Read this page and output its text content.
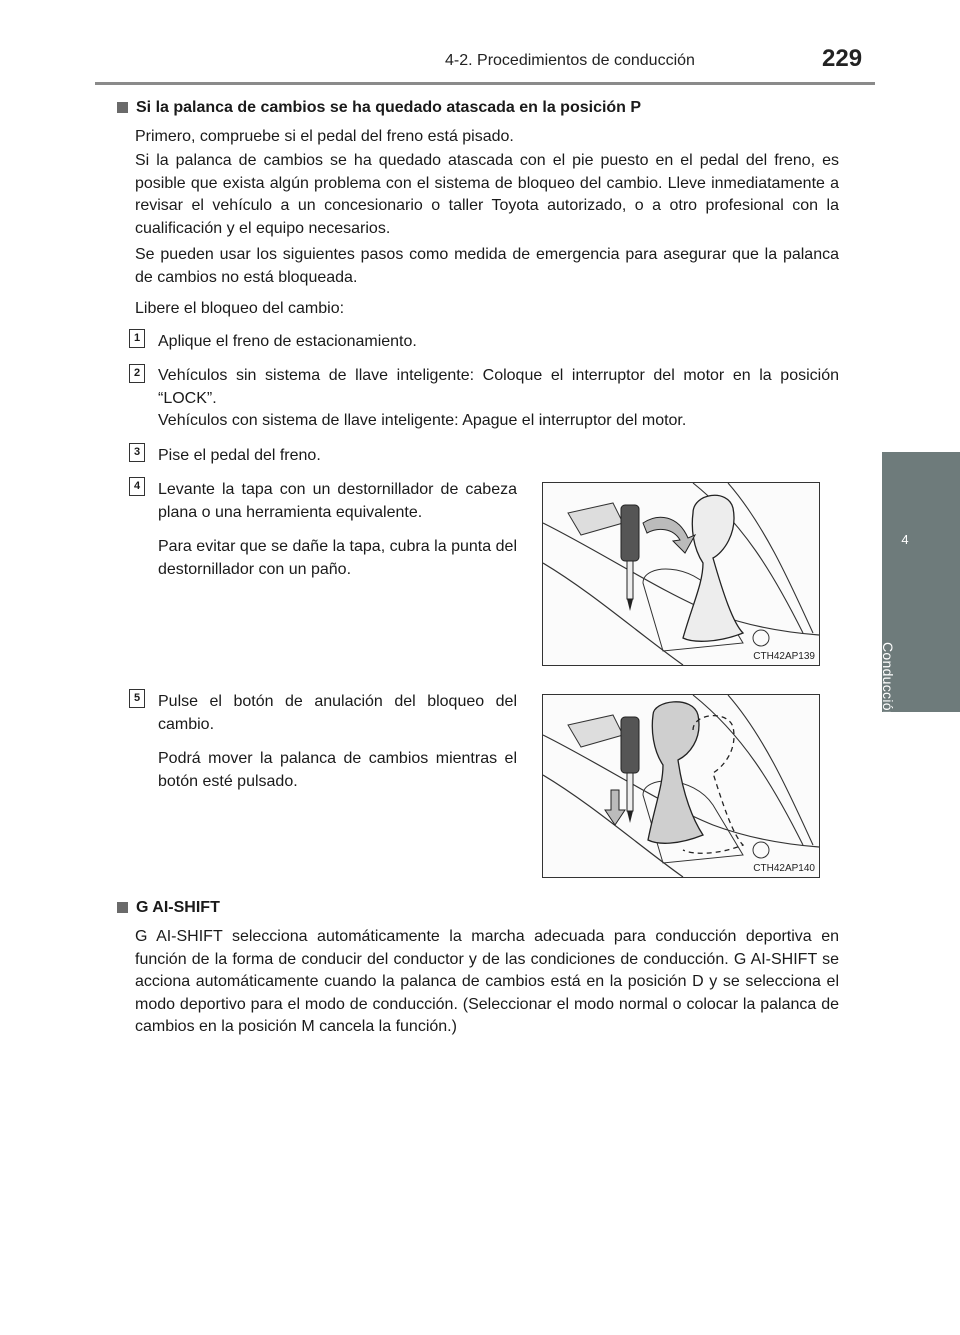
4-2. Procedimientos de conducción	229
4
Conducción
Si la palanca de cambios se ha quedado atascada en la posición P
Primero, compruebe si el pedal del freno está pisado.
Si la palanca de cambios se ha quedado atascada con el pie puesto en el pedal del freno, es posible que exista algún problema con el sistema de bloqueo del cambio. Lleve inmediatamente a revisar el vehículo a un concesionario o taller Toyota autorizado, o a otro profesional con la cualificación y el equipo necesarios.
Se pueden usar los siguientes pasos como medida de emergencia para asegurar que la palanca de cambios no está bloqueada.
Libere el bloqueo del cambio:
1	Aplique el freno de estacionamiento.

2	Vehículos sin sistema de llave inteligente: Coloque el interruptor del motor en la posición “LOCK”.

Vehículos con sistema de llave inteligente: Apague el interruptor del motor.

3	Pise el pedal del freno.

4	Levante la tapa con un destornillador de cabeza plana o una herramienta equivalente.

Para evitar que se dañe la tapa, cubra la punta del destornillador con un paño.

CTH42AP139
5	Pulse el botón de anulación del bloqueo del cambio.

Podrá mover la palanca de cambios mientras el botón esté pulsado.

CTH42AP140
G AI-SHIFT
G AI-SHIFT selecciona automáticamente la marcha adecuada para conducción deportiva en función de la forma de conducir del conductor y de las condiciones de conducción. G AI-SHIFT se acciona automáticamente cuando la palanca de cambios está en la posición D y se selecciona el modo deportivo para el modo de conducción. (Seleccionar el modo normal o colocar la palanca de cambios en la posición M cancela la función.)
